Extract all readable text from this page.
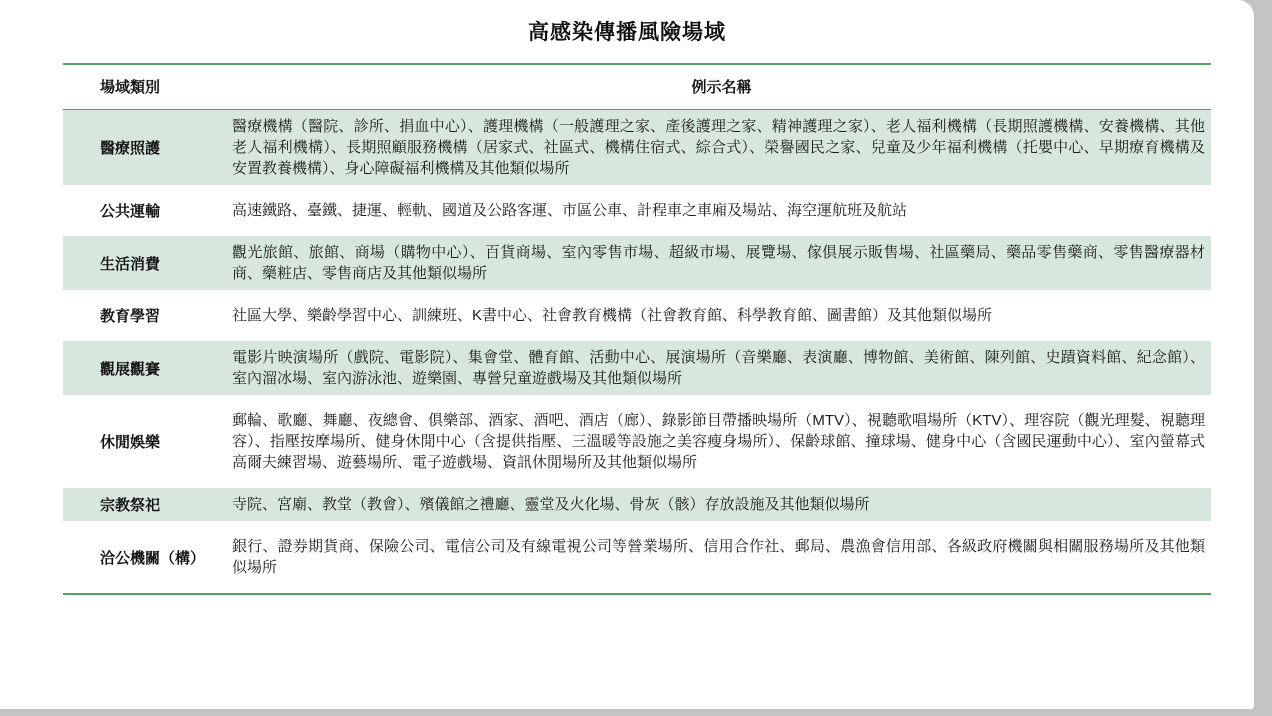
高感染傳播風險場域
場域類別	例示名稱
醫療照護	醫療機構（醫院、診所、捐血中心）、護理機構（一般護理之家、產後護理之家、精神護理之家）、老人福利機構（長期照護機構、安養機構、其他老人福利機構）、長期照顧服務機構（居家式、社區式、機構住宿式、綜合式）、榮譽國民之家、兒童及少年福利機構（托嬰中心、早期療育機構及安置教養機構）、身心障礙福利機構及其他類似場所
公共運輸	高速鐵路、臺鐵、捷運、輕軌、國道及公路客運、市區公車、計程車之車廂及場站、海空運航班及航站
生活消費	觀光旅館、旅館、商場（購物中心）、百貨商場、室內零售市場、超級市場、展覽場、傢俱展示販售場、社區藥局、藥品零售藥商、零售醫療器材商、藥粧店、零售商店及其他類似場所
教育學習	社區大學、樂齡學習中心、訓練班、K書中心、社會教育機構（社會教育館、科學教育館、圖書館）及其他類似場所
觀展觀賽	電影片映演場所（戲院、電影院）、集會堂、體育館、活動中心、展演場所（音樂廳、表演廳、博物館、美術館、陳列館、史蹟資料館、紀念館）、室內溜冰場、室內游泳池、遊樂園、專營兒童遊戲場及其他類似場所
休閒娛樂	郵輪、歌廳、舞廳、夜總會、俱樂部、酒家、酒吧、酒店（廊）、錄影節目帶播映場所（MTV）、視聽歌唱場所（KTV）、理容院（觀光理髮、視聽理容）、指壓按摩場所、健身休閒中心（含提供指壓、三溫暖等設施之美容瘦身場所）、保齡球館、撞球場、健身中心（含國民運動中心）、室內螢幕式高爾夫練習場、遊藝場所、電子遊戲場、資訊休閒場所及其他類似場所
宗教祭祀	寺院、宮廟、教堂（教會）、殯儀館之禮廳、靈堂及火化場、骨灰（骸）存放設施及其他類似場所
洽公機關（構）	銀行、證券期貨商、保險公司、電信公司及有線電視公司等營業場所、信用合作社、郵局、農漁會信用部、各級政府機關與相關服務場所及其他類似場所
